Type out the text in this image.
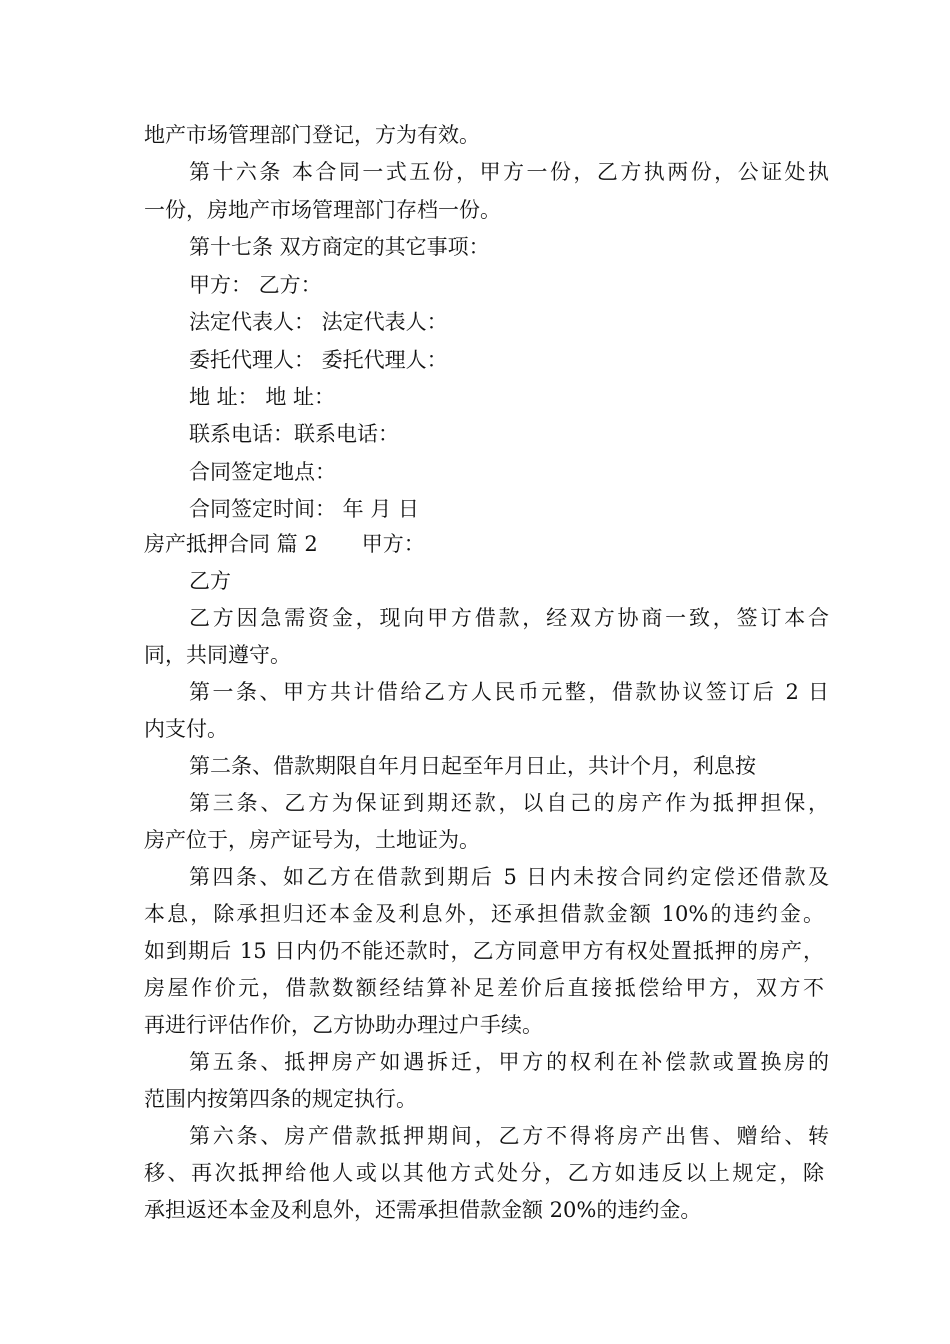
地产市场管理部门登记，方为有效。
第十六条 本合同一式五份，甲方一份，乙方执两份，公证处执
一份，房地产市场管理部门存档一份。
第十七条 双方商定的其它事项：
甲方： 乙方：
法定代表人： 法定代表人：
委托代理人： 委托代理人：
地 址： 地 址：
联系电话：联系电话：
合同签定地点：
合同签定时间： 年 月 日
房产抵押合同 篇 2 甲方：
乙方
乙方因急需资金，现向甲方借款，经双方协商一致，签订本合
同，共同遵守。
第一条、甲方共计借给乙方人民币元整，借款协议签订后 2 日
内支付。
第二条、借款期限自年月日起至年月日止，共计个月，利息按
第三条、乙方为保证到期还款，以自己的房产作为抵押担保，
房产位于，房产证号为，土地证为。
第四条、如乙方在借款到期后 5 日内未按合同约定偿还借款及
本息，除承担归还本金及利息外，还承担借款金额 10%的违约金。
如到期后 15 日内仍不能还款时，乙方同意甲方有权处置抵押的房产，
房屋作价元，借款数额经结算补足差价后直接抵偿给甲方，双方不
再进行评估作价，乙方协助办理过户手续。
第五条、抵押房产如遇拆迁，甲方的权利在补偿款或置换房的
范围内按第四条的规定执行。
第六条、房产借款抵押期间，乙方不得将房产出售、赠给、转
移、再次抵押给他人或以其他方式处分，乙方如违反以上规定，除
承担返还本金及利息外，还需承担借款金额 20%的违约金。
